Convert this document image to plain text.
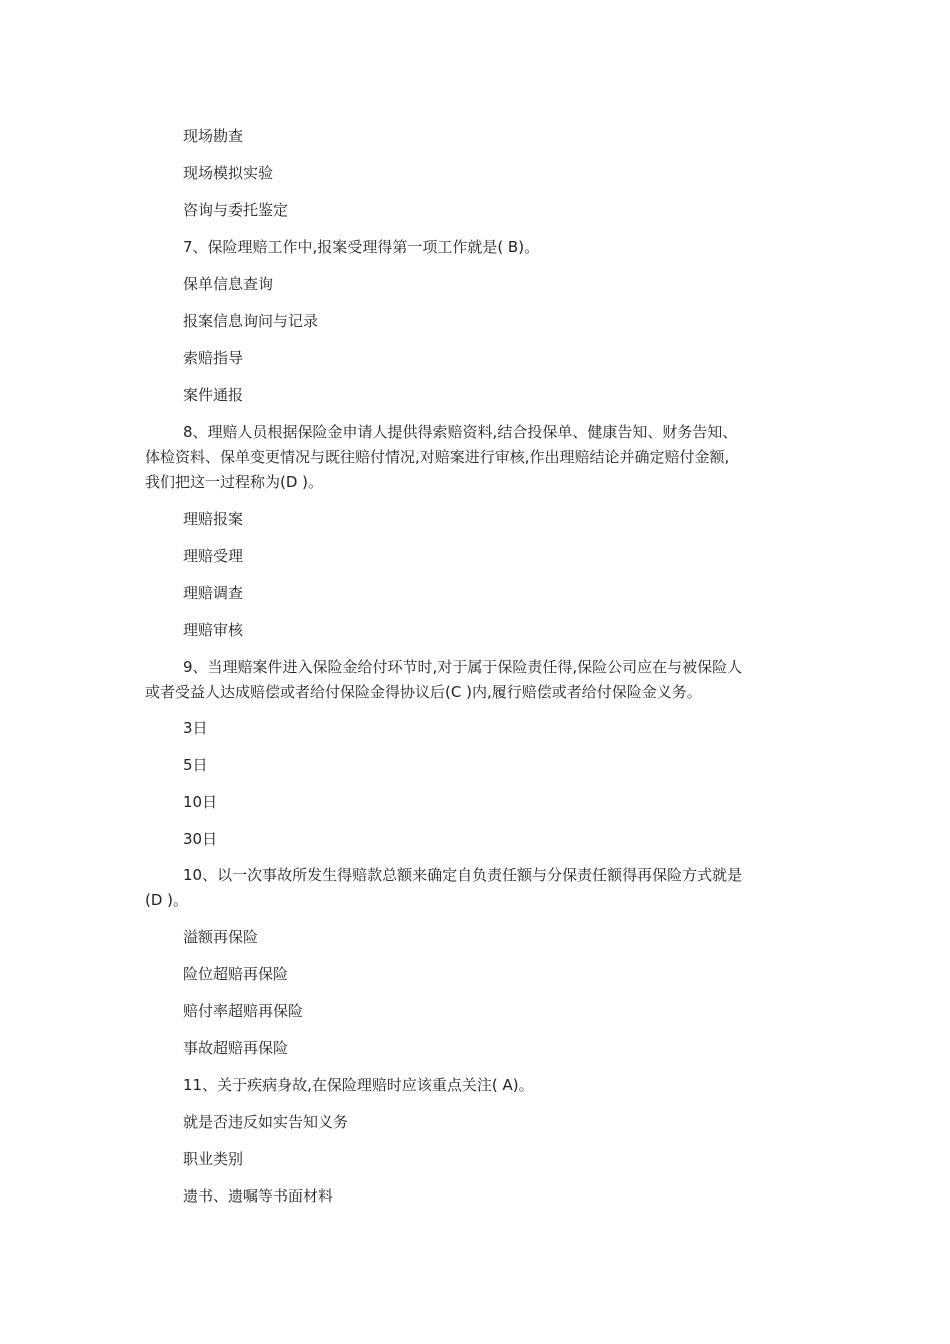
现场勘查
现场模拟实验
咨询与委托鉴定
7、保险理赔工作中,报案受理得第一项工作就是( B)。
保单信息查询
报案信息询问与记录
索赔指导
案件通报
8、理赔人员根据保险金申请人提供得索赔资料,结合投保单、健康告知、财务告知、
体检资料、保单变更情况与既往赔付情况,对赔案进行审核,作出理赔结论并确定赔付金额,
我们把这一过程称为(D )。
理赔报案
理赔受理
理赔调查
理赔审核
9、当理赔案件进入保险金给付环节时,对于属于保险责任得,保险公司应在与被保险人
或者受益人达成赔偿或者给付保险金得协议后(C )内,履行赔偿或者给付保险金义务。
3日
5日
10日
30日
10、以一次事故所发生得赔款总额来确定自负责任额与分保责任额得再保险方式就是
(D )。
溢额再保险
险位超赔再保险
赔付率超赔再保险
事故超赔再保险
11、关于疾病身故,在保险理赔时应该重点关注( A)。
就是否违反如实告知义务
职业类别
遗书、遗嘱等书面材料
